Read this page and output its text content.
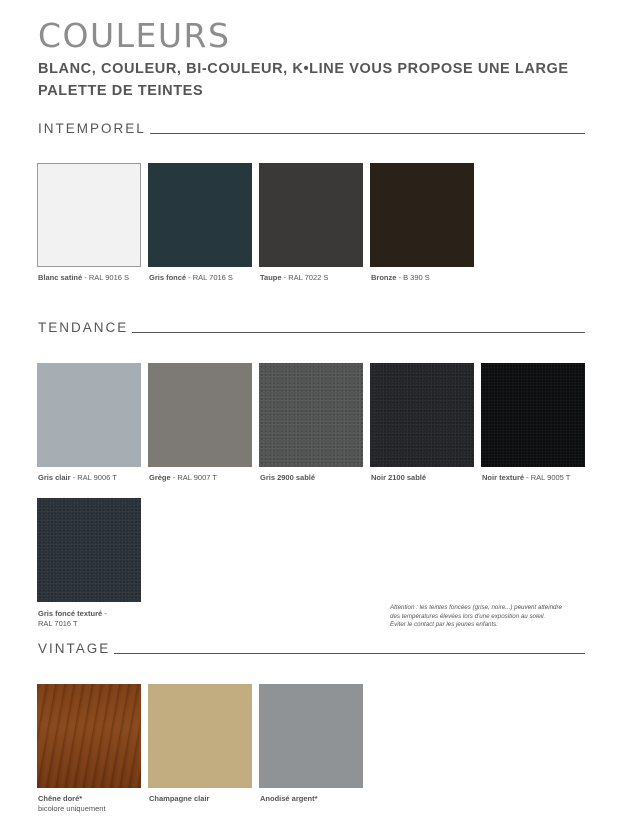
COULEURS

BLANC, COULEUR, BI-COULEUR, K•LINE VOUS PROPOSE UNE LARGE PALETTE DE TEINTES

INTEMPOREL
Blanc satiné - RAL 9016 S	Gris foncé - RAL 7016 S	Taupe - RAL 7022 S	Bronze - B 390 S
TENDANCE
Gris clair - RAL 9006 T	Grège - RAL 9007 T	Gris 2900 sablé	Noir 2100 sablé	Noir texturé - RAL 9005 T
Gris foncé texturé -
RAL 7016 T
Attention : les teintes foncées (grise, noire...) peuvent atteindre
des températures élevées lors d'une exposition au soleil.
Eviter le contact par les jeunes enfants.
VINTAGE
Chêne doré*
bicolore uniquement
Champagne clair	Anodisé argent*
